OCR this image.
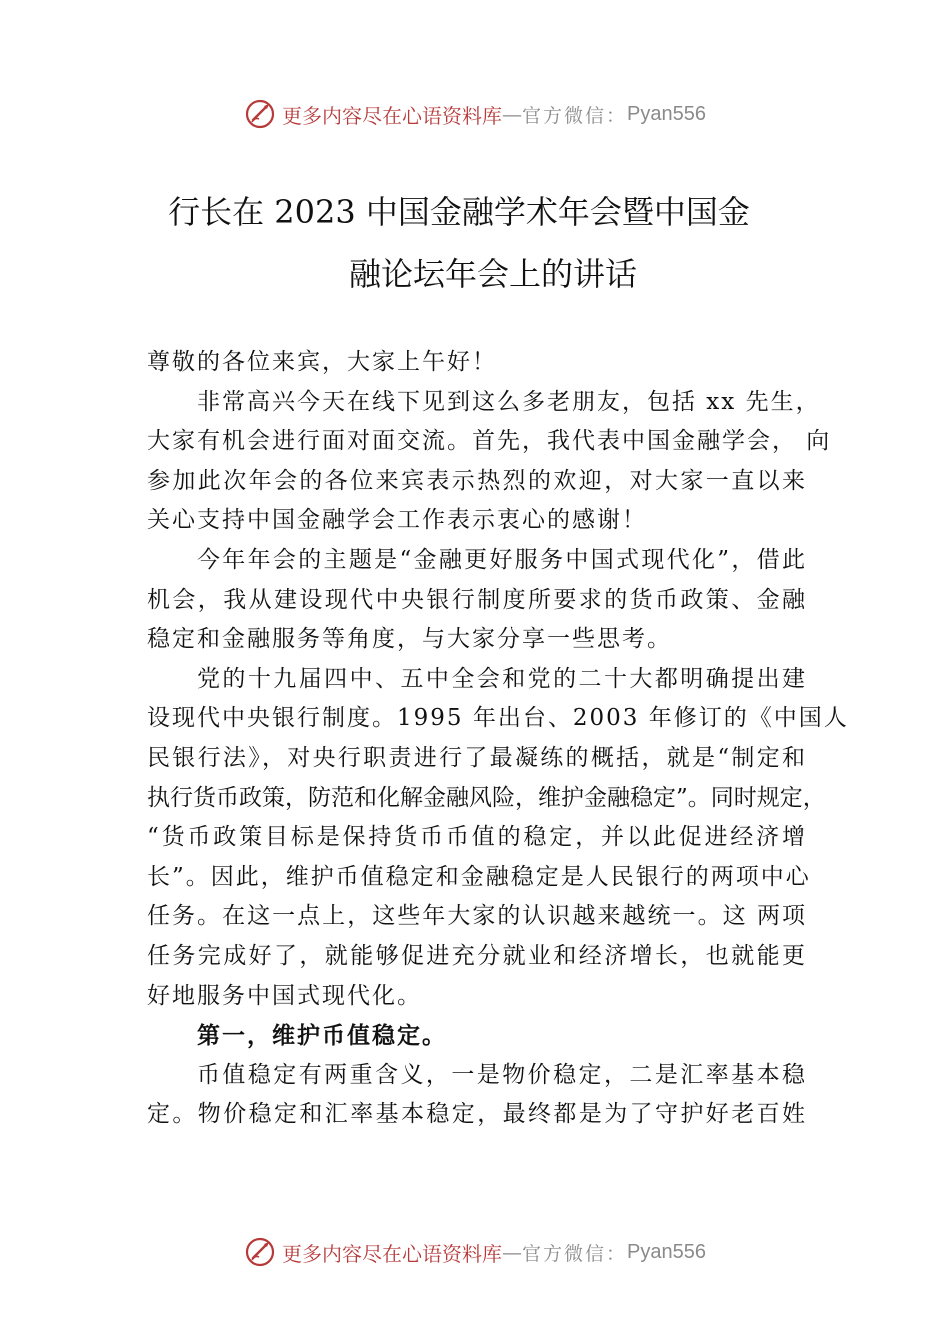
更多内容尽在心语资料库 — 官方微信： Pyan556
行长在 2023 中国金融学术年会暨中国金
融论坛年会上的讲话
尊敬的各位来宾，大家上午好！
非常高兴今天在线下见到这么多老朋友，包括 xx 先生，
大家有机会进行面对面交流。首先，我代表中国金融学会， 向
参加此次年会的各位来宾表示热烈的欢迎，对大家一直以来
关心支持中国金融学会工作表示衷心的感谢！
今年年会的主题是“金融更好服务中国式现代化”，借此
机会，我从建设现代中央银行制度所要求的货币政策、金融
稳定和金融服务等角度，与大家分享一些思考。
党的十九届四中、五中全会和党的二十大都明确提出建
设现代中央银行制度。1995 年出台、2003 年修订的《中国人
民银行法》，对央行职责进行了最凝练的概括，就是“制定和
执行货币政策，防范和化解金融风险，维护金融稳定”。同时规定，
“货币政策目标是保持货币币值的稳定，并以此促进经济增
长”。因此，维护币值稳定和金融稳定是人民银行的两项中心
任务。在这一点上，这些年大家的认识越来越统一。这 两项
任务完成好了，就能够促进充分就业和经济增长，也就能更
好地服务中国式现代化。
第一，维护币值稳定。
币值稳定有两重含义，一是物价稳定，二是汇率基本稳
定。物价稳定和汇率基本稳定，最终都是为了守护好老百姓
更多内容尽在心语资料库 — 官方微信： Pyan556
